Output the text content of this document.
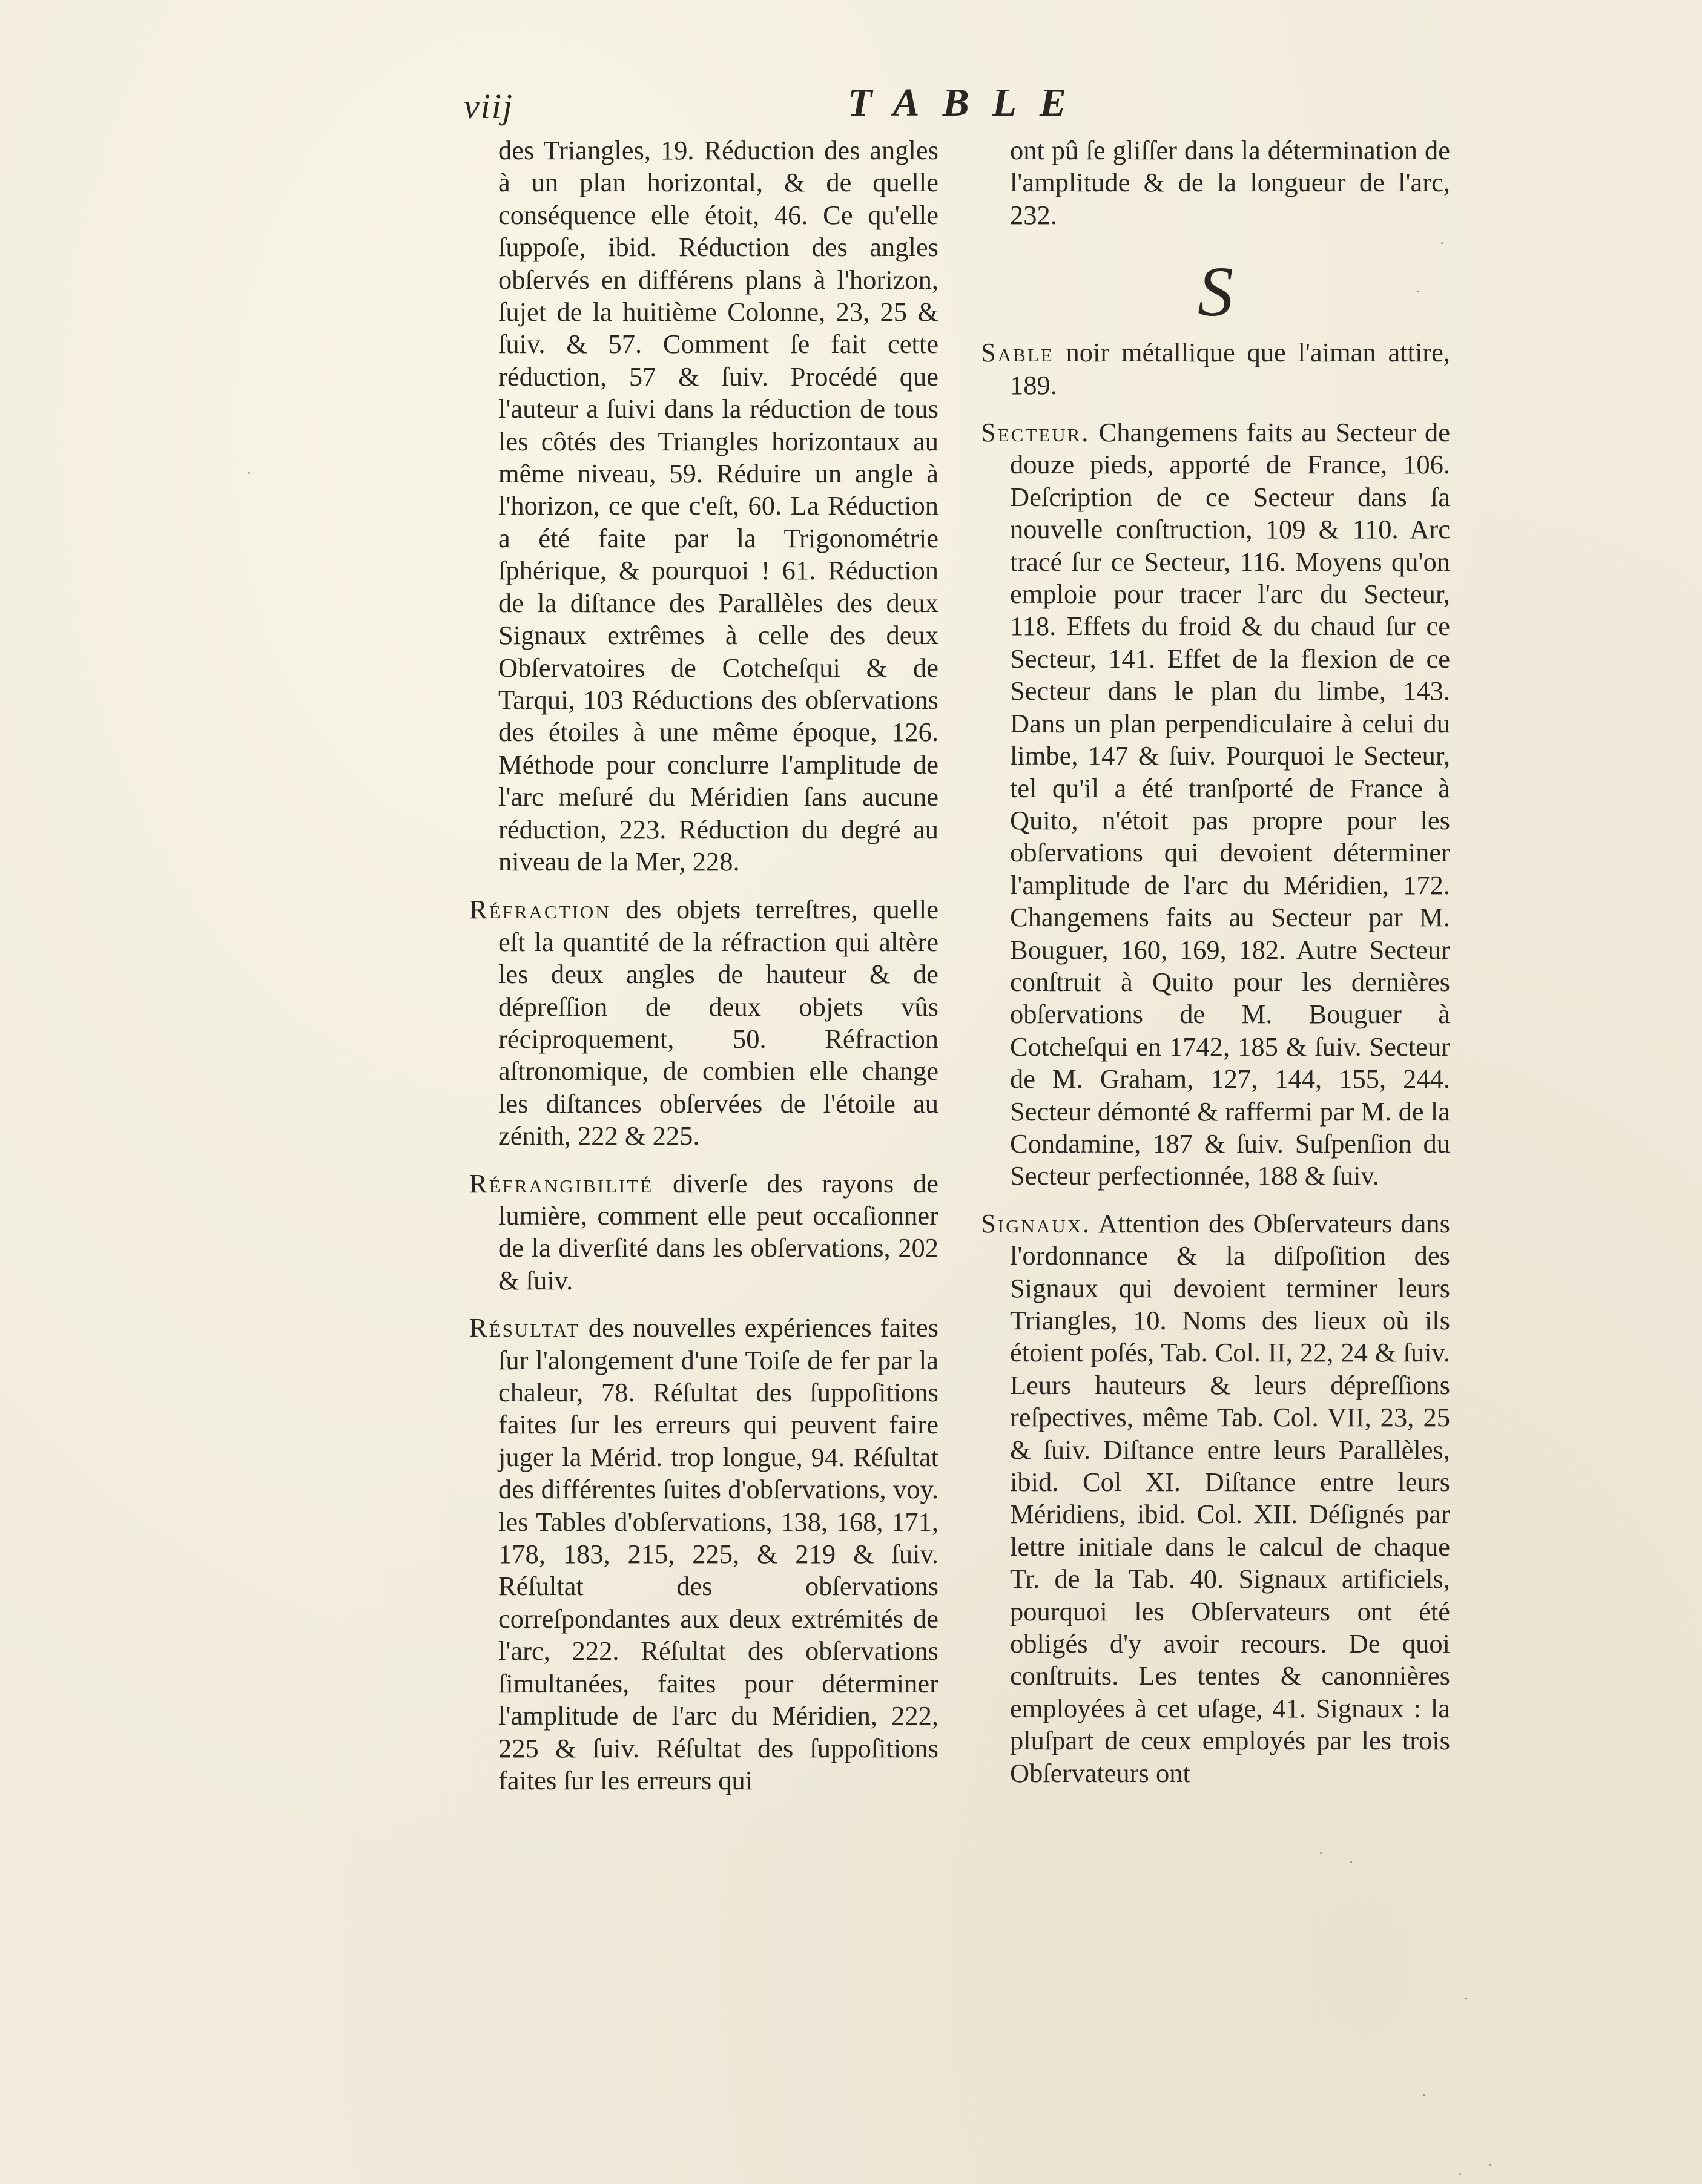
viij	TABLE

des Triangles, 19. Réduction des angles à un plan horizontal, & de quelle conséquence elle étoit, 46. Ce qu'elle ſuppoſe, ibid. Réduction des angles obſervés en différens plans à l'horizon, ſujet de la huitième Colonne, 23, 25 & ſuiv. & 57. Comment ſe fait cette réduction, 57 & ſuiv. Procédé que l'auteur a ſuivi dans la réduction de tous les côtés des Triangles horizontaux au même niveau, 59. Réduire un angle à l'horizon, ce que c'eſt, 60. La Réduction a été faite par la Trigonométrie ſphérique, & pourquoi ! 61. Réduction de la diſtance des Parallèles des deux Signaux extrêmes à celle des deux Obſervatoires de Cotcheſqui & de Tarqui, 103 Réductions des obſervations des étoiles à une même époque, 126. Méthode pour conclurre l'amplitude de l'arc meſuré du Méridien ſans aucune réduction, 223. Réduction du degré au niveau de la Mer, 228.

Réfraction des objets terreſtres, quelle eſt la quantité de la réfraction qui altère les deux angles de hauteur & de dépreſſion de deux objets vûs réciproquement, 50. Réfraction aſtronomique, de combien elle change les diſtances obſervées de l'étoile au zénith, 222 & 225.

Réfrangibilité diverſe des rayons de lumière, comment elle peut occaſionner de la diverſité dans les obſervations, 202 & ſuiv.

Résultat des nouvelles expériences faites ſur l'alongement d'une Toiſe de fer par la chaleur, 78. Réſultat des ſuppoſitions faites ſur les erreurs qui peuvent faire juger la Mérid. trop longue, 94. Réſultat des différentes ſuites d'obſervations, voy. les Tables d'obſervations, 138, 168, 171, 178, 183, 215, 225, & 219 & ſuiv. Réſultat des obſervations correſpondantes aux deux extrémités de l'arc, 222. Réſultat des obſervations ſimultanées, faites pour déterminer l'amplitude de l'arc du Méridien, 222, 225 & ſuiv. Réſultat des ſuppoſitions faites ſur les erreurs qui

ont pû ſe gliſſer dans la détermination de l'amplitude & de la longueur de l'arc, 232.

S

Sable noir métallique que l'aiman attire, 189.

Secteur. Changemens faits au Secteur de douze pieds, apporté de France, 106. Deſcription de ce Secteur dans ſa nouvelle conſtruction, 109 & 110. Arc tracé ſur ce Secteur, 116. Moyens qu'on emploie pour tracer l'arc du Secteur, 118. Effets du froid & du chaud ſur ce Secteur, 141. Effet de la flexion de ce Secteur dans le plan du limbe, 143. Dans un plan perpendiculaire à celui du limbe, 147 & ſuiv. Pourquoi le Secteur, tel qu'il a été tranſporté de France à Quito, n'étoit pas propre pour les obſervations qui devoient déterminer l'amplitude de l'arc du Méridien, 172. Changemens faits au Secteur par M. Bouguer, 160, 169, 182. Autre Secteur conſtruit à Quito pour les dernières obſervations de M. Bouguer à Cotcheſqui en 1742, 185 & ſuiv. Secteur de M. Graham, 127, 144, 155, 244. Secteur démonté & raffermi par M. de la Condamine, 187 & ſuiv. Suſpenſion du Secteur perfectionnée, 188 & ſuiv.

Signaux. Attention des Obſervateurs dans l'ordonnance & la diſpoſition des Signaux qui devoient terminer leurs Triangles, 10. Noms des lieux où ils étoient poſés, Tab. Col. II, 22, 24 & ſuiv. Leurs hauteurs & leurs dépreſſions reſpectives, même Tab. Col. VII, 23, 25 & ſuiv. Diſtance entre leurs Parallèles, ibid. Col XI. Diſtance entre leurs Méridiens, ibid. Col. XII. Déſignés par lettre initiale dans le calcul de chaque Tr. de la Tab. 40. Signaux artificiels, pourquoi les Obſervateurs ont été obligés d'y avoir recours. De quoi conſtruits. Les tentes & canonnières employées à cet uſage, 41. Signaux : la pluſpart de ceux employés par les trois Obſervateurs ont
